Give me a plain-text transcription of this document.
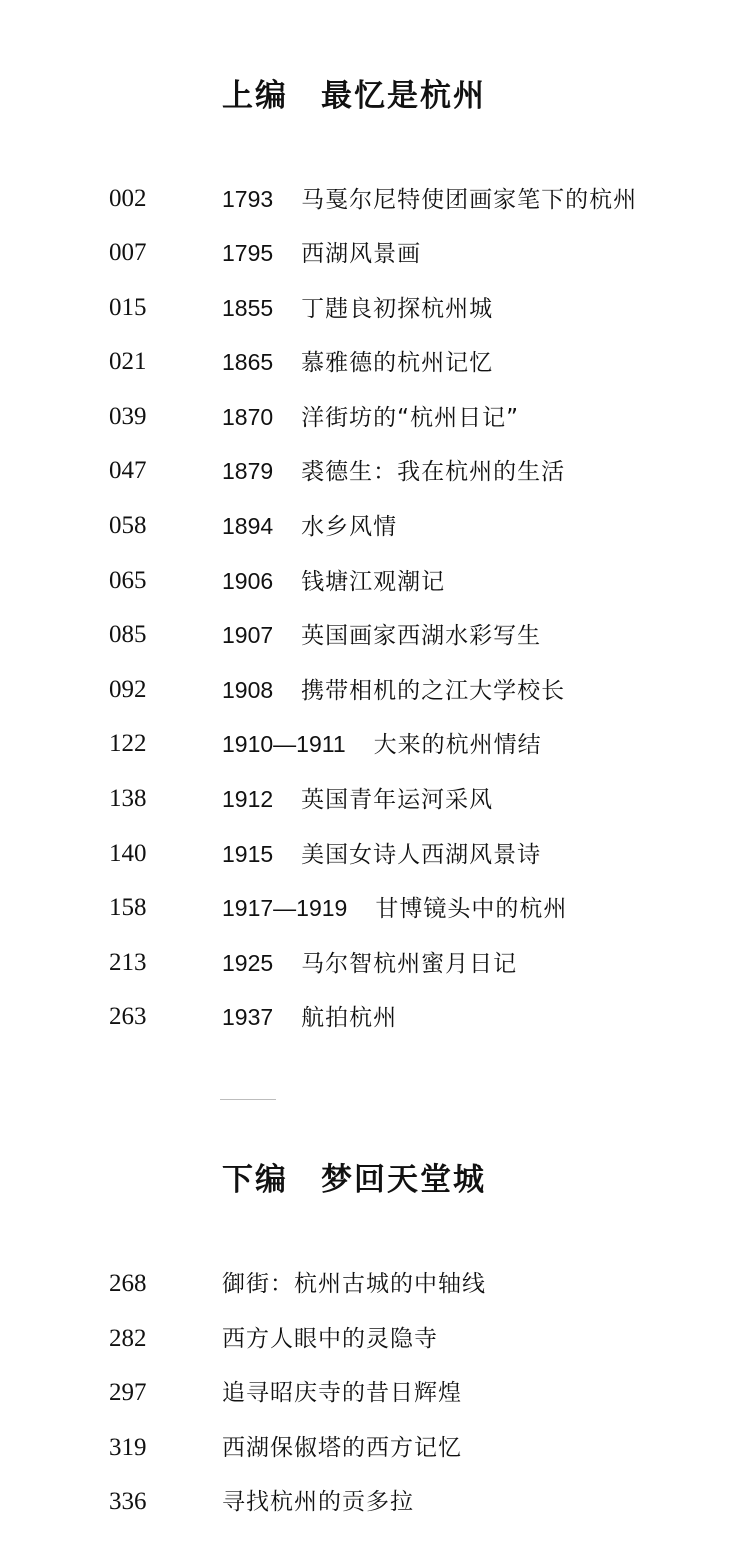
上编　最忆是杭州
002	1793 马戛尔尼特使团画家笔下的杭州
007	1795 西湖风景画
015	1855 丁韪良初探杭州城
021	1865 慕雅德的杭州记忆
039	1870 洋街坊的“杭州日记”
047	1879 裘德生：我在杭州的生活
058	1894 水乡风情
065	1906 钱塘江观潮记
085	1907 英国画家西湖水彩写生
092	1908 携带相机的之江大学校长
122	1910—1911 大来的杭州情结
138	1912 英国青年运河采风
140	1915 美国女诗人西湖风景诗
158	1917—1919 甘博镜头中的杭州
213	1925 马尔智杭州蜜月日记
263	1937 航拍杭州
下编　梦回天堂城
268	御街：杭州古城的中轴线
282	西方人眼中的灵隐寺
297	追寻昭庆寺的昔日辉煌
319	西湖保俶塔的西方记忆
336	寻找杭州的贡多拉
